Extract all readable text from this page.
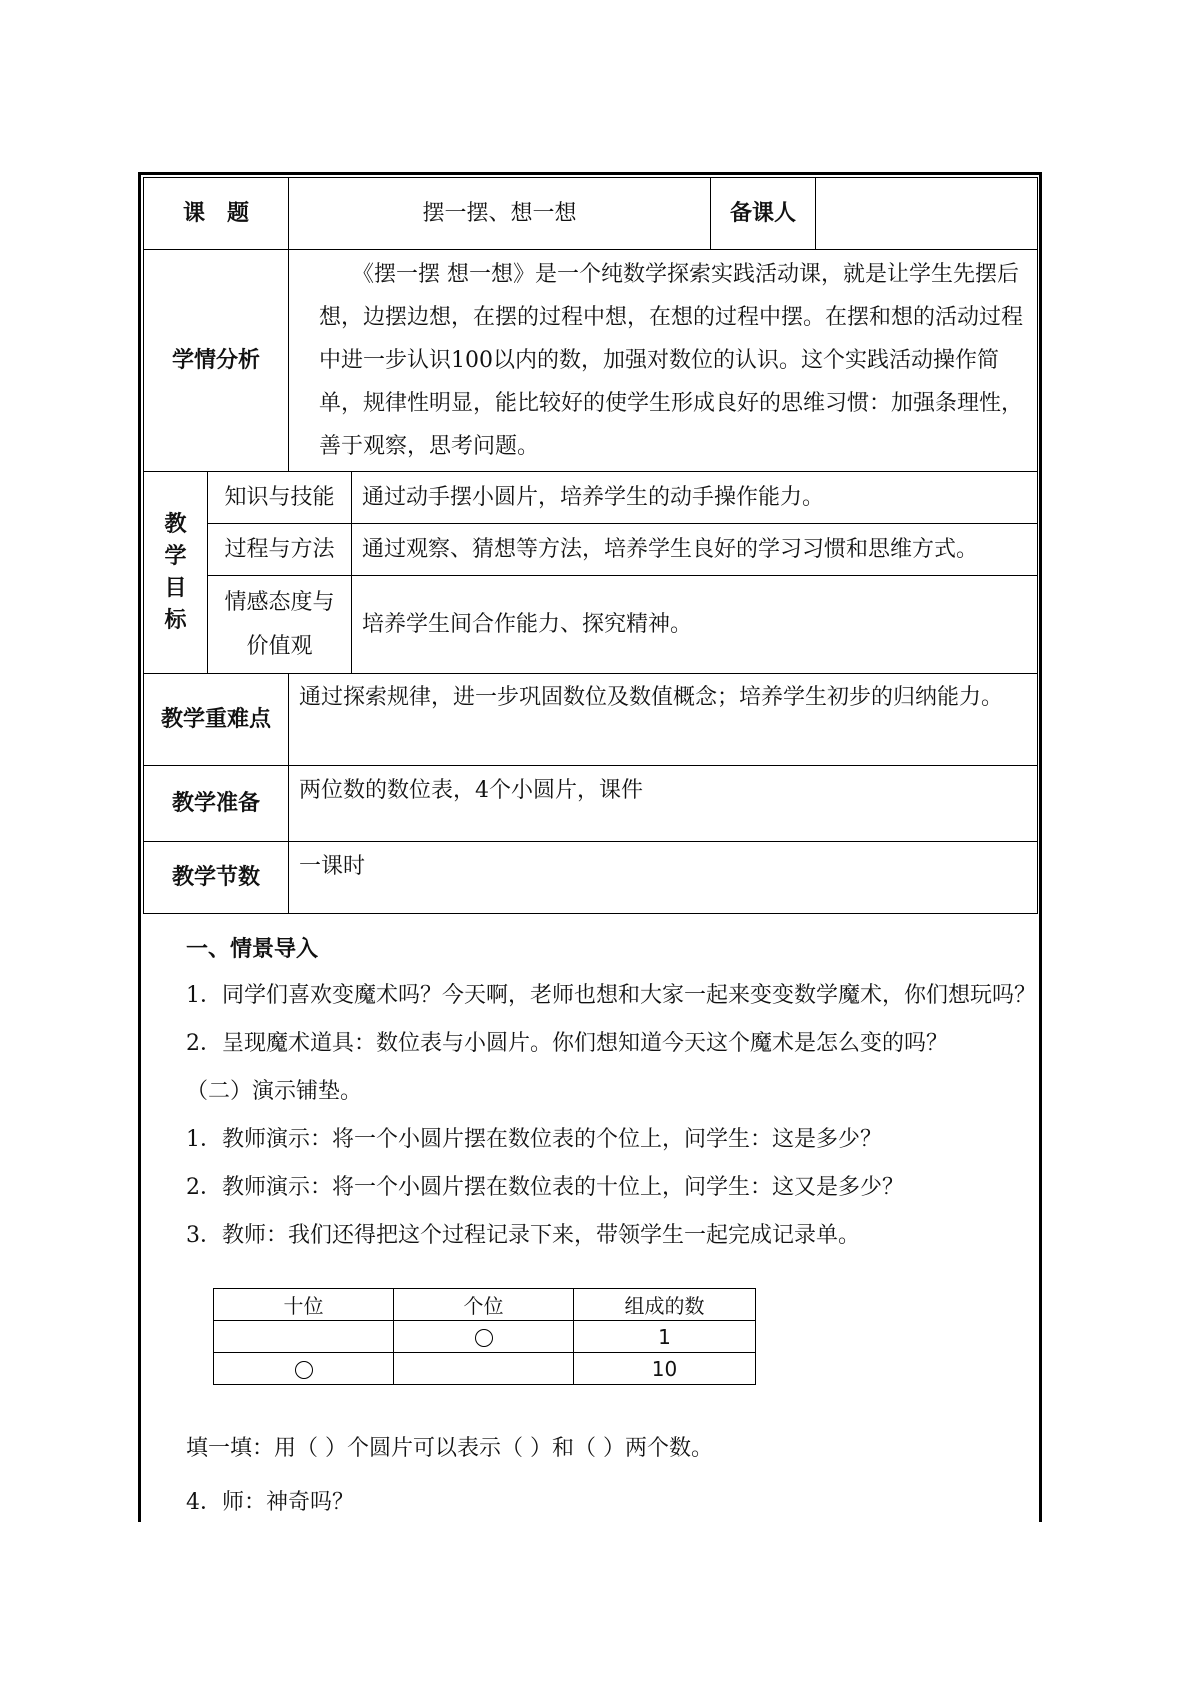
课　题		摆一摆、想一想		备课人	
学情分析		　　《摆一摆 想一想》是一个纯数学探索实践活动课，就是让学生先摆后想，边摆边想，在摆的过程中想，在想的过程中摆。在摆和想的活动过程中进一步认识100以内的数，加强对数位的认识。这个实践活动操作简单，规律性明显，能比较好的使学生形成良好的思维习惯：加强条理性，善于观察，思考问题。			

教
学
目
标	知识与技能		通过动手摆小圆片，培养学生的动手操作能力。		
	过程与方法		通过观察、猜想等方法，培养学生良好的学习习惯和思维方式。		
	情感态度与价值观		培养学生间合作能力、探究精神。		
教学重难点		通过探索规律，进一步巩固数位及数值概念；培养学生初步的归纳能力。			
教学准备		两位数的数位表，4个小圆片，课件			
教学节数		一课时			

一、情景导入

1．同学们喜欢变魔术吗？今天啊，老师也想和大家一起来变变数学魔术，你们想玩吗？

2．呈现魔术道具：数位表与小圆片。你们想知道今天这个魔术是怎么变的吗？

（二）演示铺垫。

1．教师演示：将一个小圆片摆在数位表的个位上，问学生：这是多少？

2．教师演示：将一个小圆片摆在数位表的十位上，问学生：这又是多少？

3．教师：我们还得把这个过程记录下来，带领学生一起完成记录单。

十位	个位	组成的数
		1
		10

填一填：用（ ）个圆片可以表示（ ）和（ ）两个数。

4．师：神奇吗？
